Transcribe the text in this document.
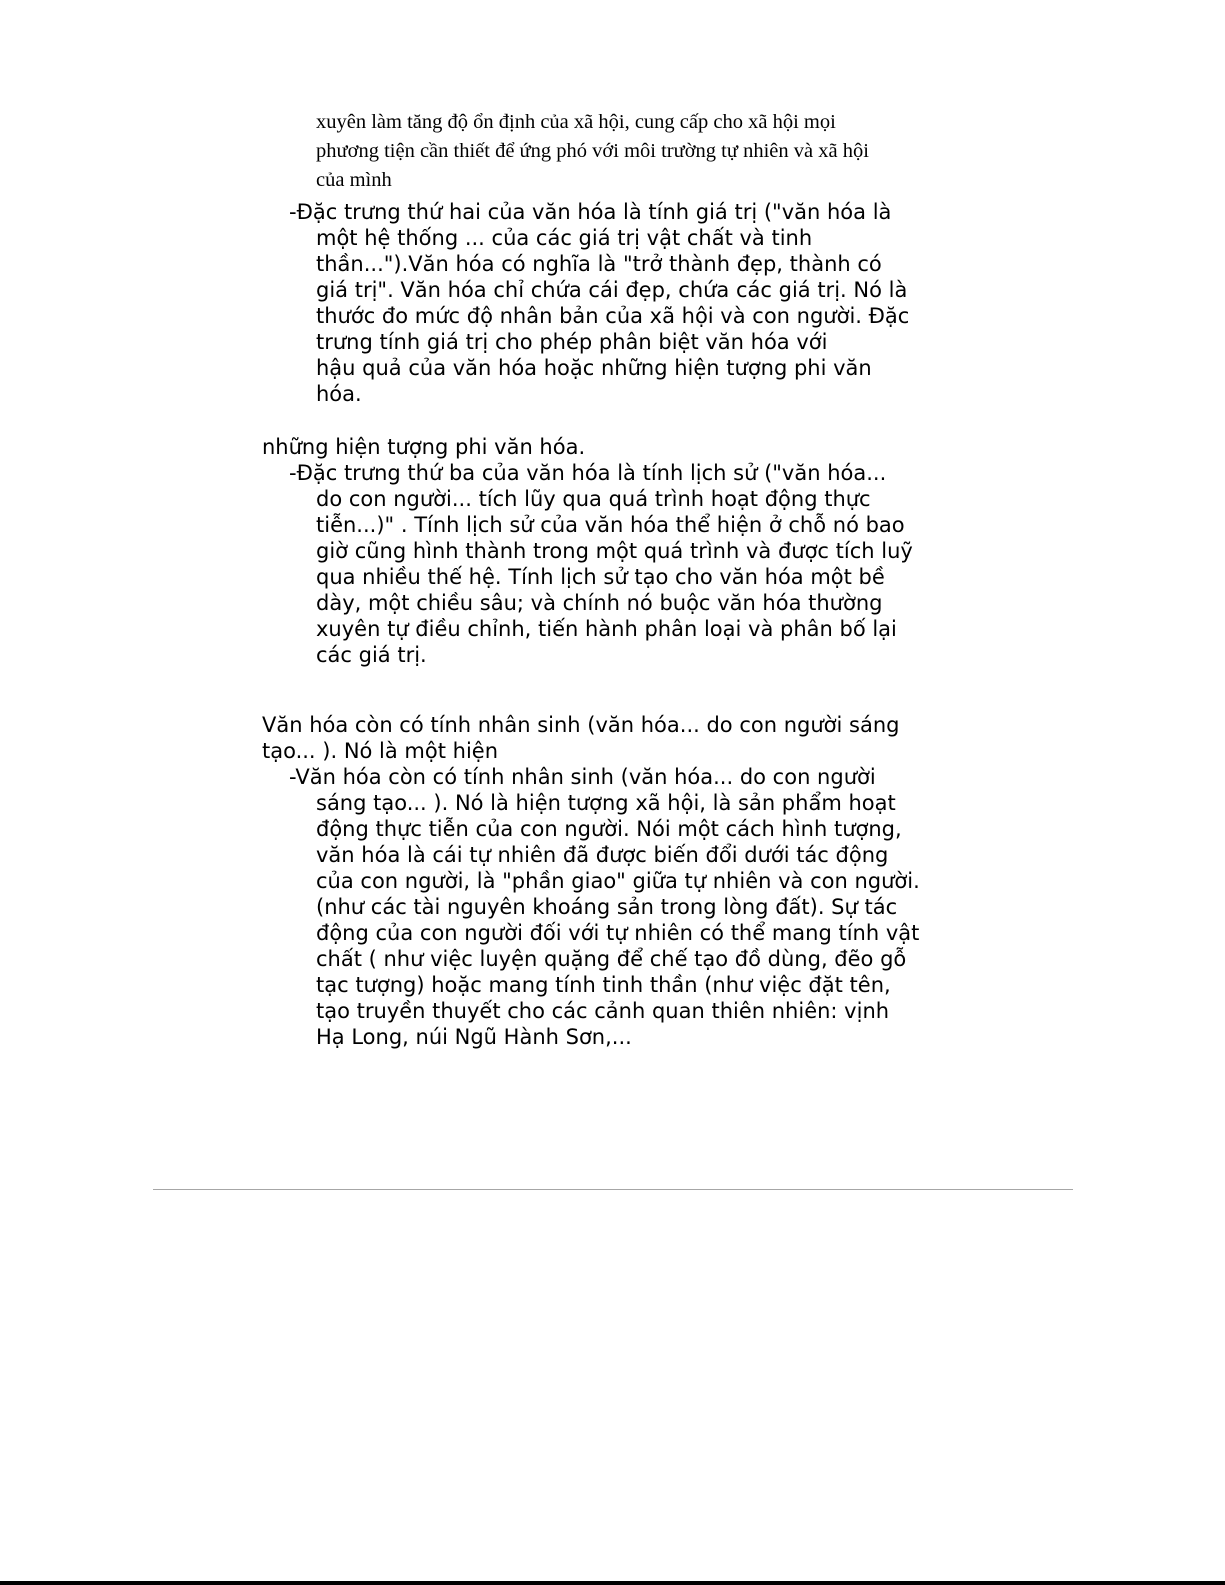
xuyên làm tăng độ ổn định của xã hội, cung cấp cho xã hội mọi
phương tiện cần thiết để ứng phó với môi trường tự nhiên và xã hội
của mình
-Đặc trưng thứ hai của văn hóa là tính giá trị ("văn hóa là
một hệ thống ... của các giá trị vật chất và tinh
thần...").Văn hóa có nghĩa là "trở thành đẹp, thành có
giá trị". Văn hóa chỉ chứa cái đẹp, chứa các giá trị. Nó là
thước đo mức độ nhân bản của xã hội và con người. Đặc
trưng tính giá trị cho phép phân biệt văn hóa với
hậu quả của văn hóa hoặc những hiện tượng phi văn
hóa.
những hiện tượng phi văn hóa.
-Đặc trưng thứ ba của văn hóa là tính lịch sử ("văn hóa...
do con người... tích lũy qua quá trình hoạt động thực
tiễn...)" . Tính lịch sử của văn hóa thể hiện ở chỗ nó bao
giờ cũng hình thành trong một quá trình và được tích luỹ
qua nhiều thế hệ. Tính lịch sử tạo cho văn hóa một bề
dày, một chiều sâu; và chính nó buộc văn hóa thường
xuyên tự điều chỉnh, tiến hành phân loại và phân bố lại
các giá trị.
Văn hóa còn có tính nhân sinh (văn hóa... do con người sáng
tạo... ). Nó là một hiện
-Văn hóa còn có tính nhân sinh (văn hóa... do con người
sáng tạo... ). Nó là hiện tượng xã hội, là sản phẩm hoạt
động thực tiễn của con người. Nói một cách hình tượng,
văn hóa là cái tự nhiên đã được biến đổi dưới tác động
của con người, là "phần giao" giữa tự nhiên và con người.
(như các tài nguyên khoáng sản trong lòng đất). Sự tác
động của con người đối với tự nhiên có thể mang tính vật
chất ( như việc luyện quặng để chế tạo đồ dùng, đẽo gỗ
tạc tượng) hoặc mang tính tinh thần (như việc đặt tên,
tạo truyền thuyết cho các cảnh quan thiên nhiên: vịnh
Hạ Long, núi Ngũ Hành Sơn,...
